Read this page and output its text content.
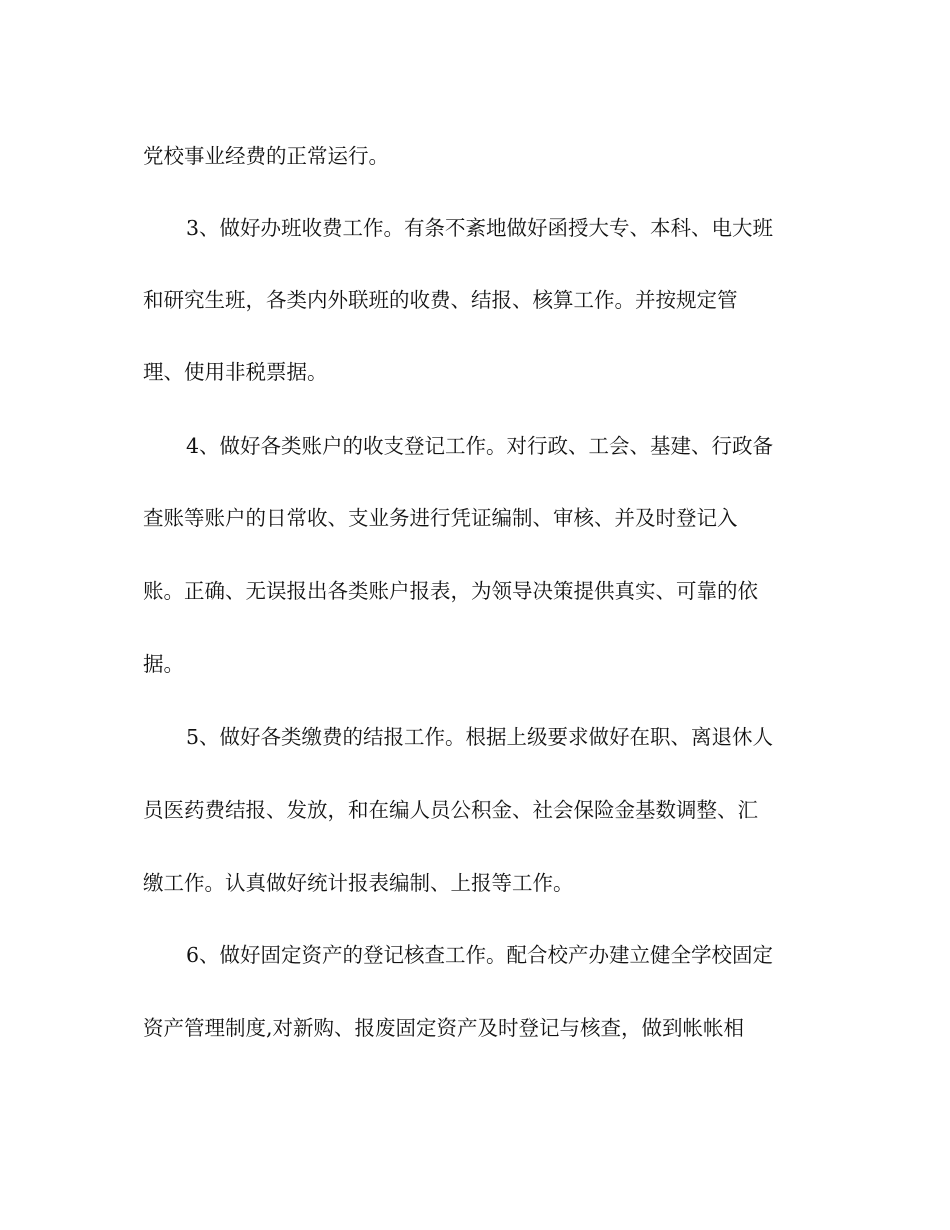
党校事业经费的正常运行。
3、做好办班收费工作。有条不紊地做好函授大专、本科、电大班
和研究生班，各类内外联班的收费、结报、核算工作。并按规定管
理、使用非税票据。
4、做好各类账户的收支登记工作。对行政、工会、基建、行政备
查账等账户的日常收、支业务进行凭证编制、审核、并及时登记入
账。正确、无误报出各类账户报表，为领导决策提供真实、可靠的依
据。
5、做好各类缴费的结报工作。根据上级要求做好在职、离退休人
员医药费结报、发放，和在编人员公积金、社会保险金基数调整、汇
缴工作。认真做好统计报表编制、上报等工作。
6、做好固定资产的登记核查工作。配合校产办建立健全学校固定
资产管理制度,对新购、报废固定资产及时登记与核查，做到帐帐相
